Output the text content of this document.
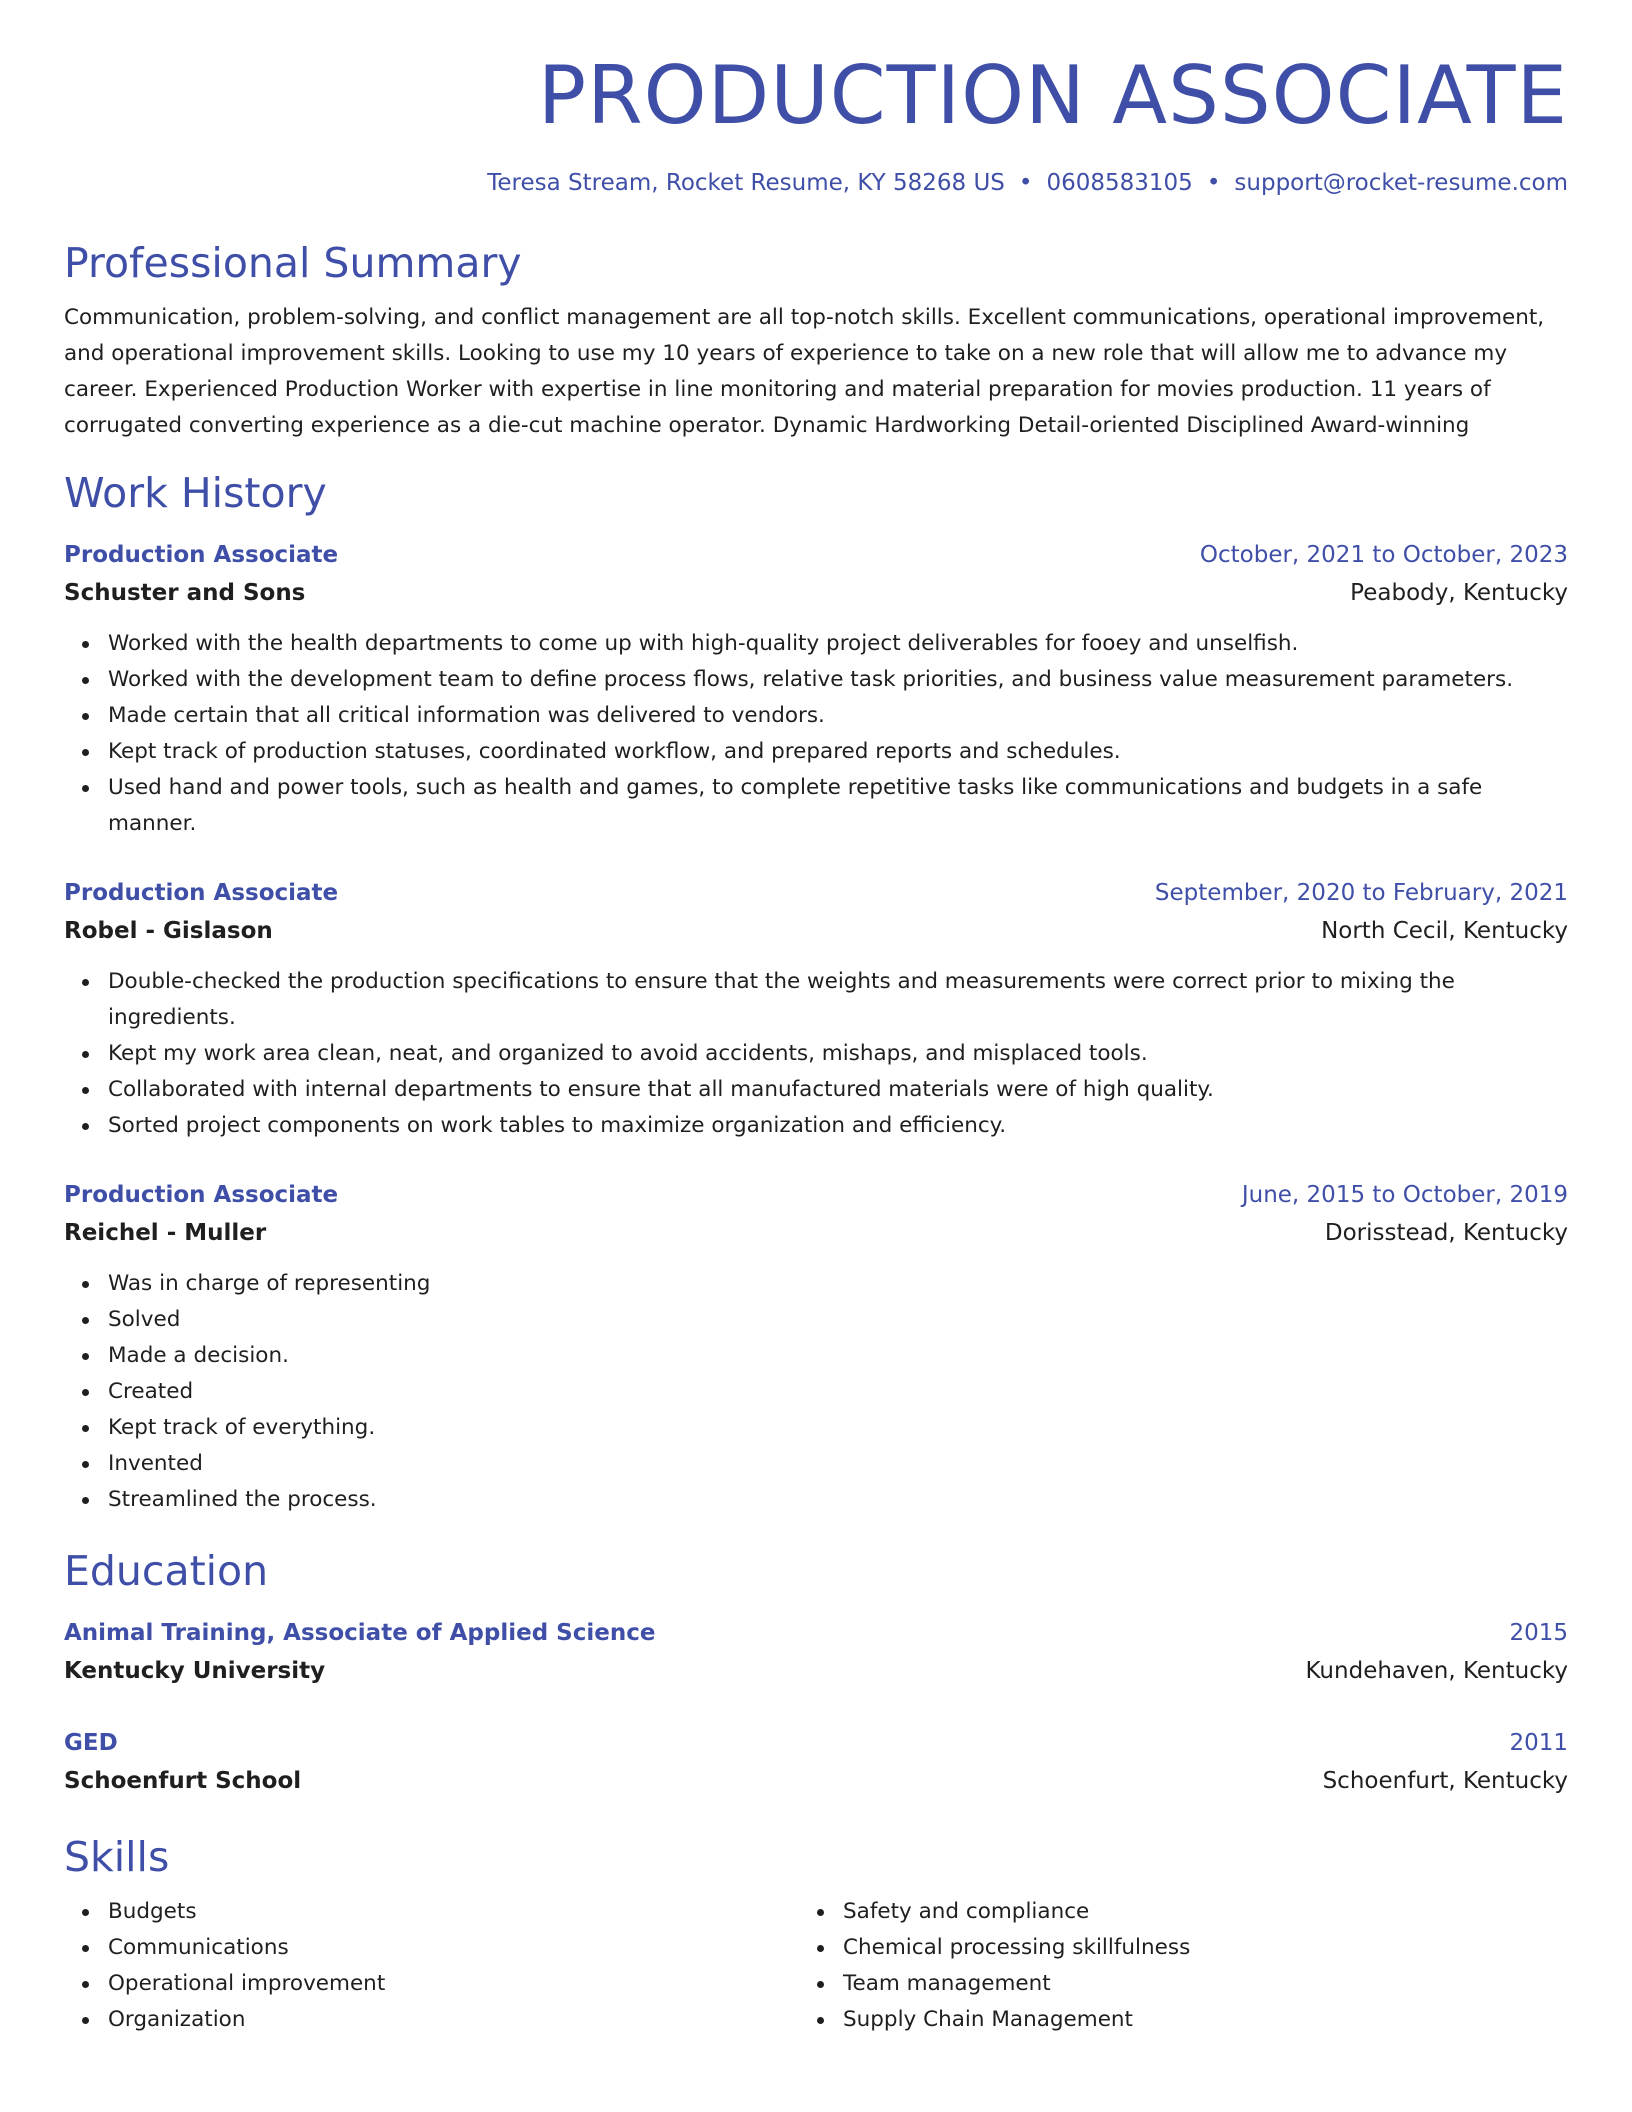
PRODUCTION ASSOCIATE
Teresa Stream, Rocket Resume, KY 58268 US • 0608583105 • support@rocket-resume.com
Professional Summary
Communication, problem-solving, and conflict management are all top-notch skills. Excellent communications, operational improvement, and operational improvement skills. Looking to use my 10 years of experience to take on a new role that will allow me to advance my career. Experienced Production Worker with expertise in line monitoring and material preparation for movies production. 11 years of corrugated converting experience as a die-cut machine operator. Dynamic Hardworking Detail-oriented Disciplined Award-winning
Work History
Production Associate	October, 2021 to October, 2023
Schuster and Sons	Peabody, Kentucky
Worked with the health departments to come up with high-quality project deliverables for fooey and unselfish.
Worked with the development team to define process flows, relative task priorities, and business value measurement parameters.
Made certain that all critical information was delivered to vendors.
Kept track of production statuses, coordinated workflow, and prepared reports and schedules.
Used hand and power tools, such as health and games, to complete repetitive tasks like communications and budgets in a safe manner.
Production Associate	September, 2020 to February, 2021
Robel - Gislason	North Cecil, Kentucky
Double-checked the production specifications to ensure that the weights and measurements were correct prior to mixing the ingredients.
Kept my work area clean, neat, and organized to avoid accidents, mishaps, and misplaced tools.
Collaborated with internal departments to ensure that all manufactured materials were of high quality.
Sorted project components on work tables to maximize organization and efficiency.
Production Associate	June, 2015 to October, 2019
Reichel - Muller	Dorisstead, Kentucky
Was in charge of representing
Solved
Made a decision.
Created
Kept track of everything.
Invented
Streamlined the process.
Education
Animal Training, Associate of Applied Science	2015
Kentucky University	Kundehaven, Kentucky
GED	2011
Schoenfurt School	Schoenfurt, Kentucky
Skills
Budgets
Communications
Operational improvement
Organization
Safety and compliance
Chemical processing skillfulness
Team management
Supply Chain Management
